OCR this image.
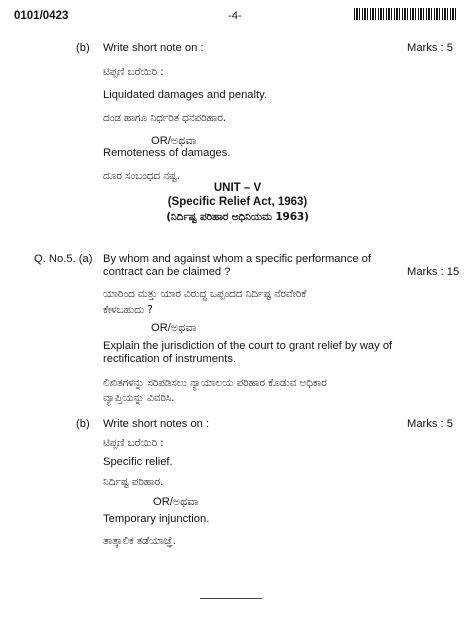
0101/0423	-4-
(b) Write short note on :	Marks : 5
ಟಿಪ್ಪಣಿ ಬರೆಯಿರಿ :
Liquidated damages and penalty.
ದಂಡ ಹಾಗೂ ನಿರ್ಧರಿತ ಧನಪರಿಹಾರ.
OR/ಅಥವಾ
Remoteness of damages.
ದೂರ ಸಂಬಂಧದ ನಷ್ಟ.
UNIT – V
(Specific Relief Act, 1963)
(ನಿರ್ದಿಷ್ಟ ಪರಿಹಾರ ಅಧಿನಿಯಮ 1963)
Q. No.5. (a) By whom and against whom a specific performance of
contract can be claimed ?	Marks : 15
ಯಾರಿಂದ ಮತ್ತು ಯಾರ ವಿರುದ್ಧ ಒಪ್ಪಂದದ ನಿರ್ದಿಷ್ಟ ನೆರವೇರಿಕೆ
ಕೇಳಬಹುದು ?
OR/ಅಥವಾ
Explain the jurisdiction of the court to grant relief by way of
rectification of instruments.
ಲಿಖಿತಗಳನ್ನು ಸರಿಪಡಿಸಲು ನ್ಯಾಯಾಲಯ ಪರಿಹಾರ ಕೊಡುವ ಅಧಿಕಾರ
ವ್ಯಾಪ್ತಿಯನ್ನು ವಿವರಿಸಿ.
(b) Write short notes on :	Marks : 5
ಟಿಪ್ಪಣಿ ಬರೆಯಿರಿ :
Specific relief.
ನಿರ್ದಿಷ್ಟ ಪರಿಹಾರ.
OR/ಅಥವಾ
Temporary injunction.
ತಾತ್ಕಾಲಿಕ ತಡೆಯಾಜ್ಞೆ.
